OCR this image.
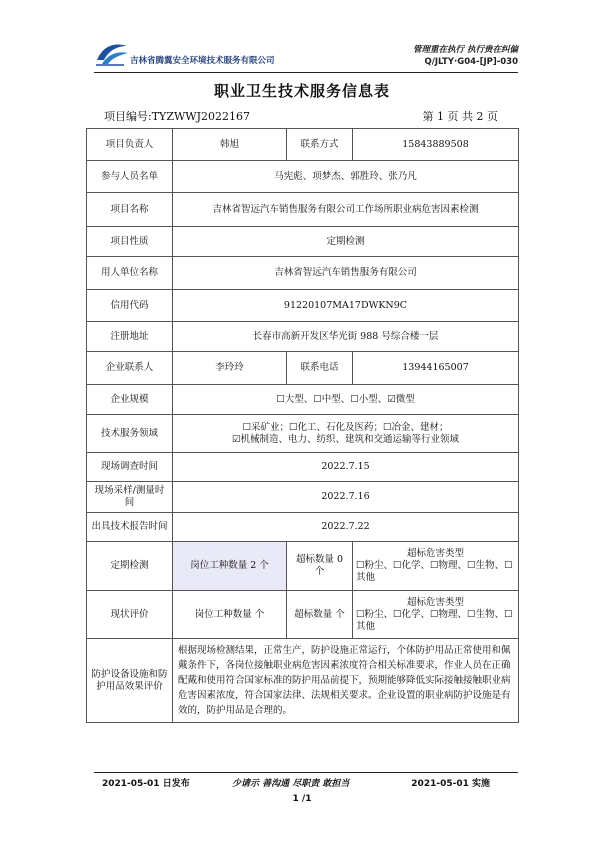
吉林省腾翼安全环境技术服务有限公司
管理重在执行 执行贵在纠偏
Q/JLTY·G04-[JP]-030
职业卫生技术服务信息表
项目编号:TYZWWJ2022167	第 1 页 共 2 页
项目负责人	韩旭	联系方式	15843889508
参与人员名单	马宪彪、项梦杰、郭胜玲、张乃凡		
项目名称	吉林省智远汽车销售服务有限公司工作场所职业病危害因素检测		
项目性质	定期检测		
用人单位名称	吉林省智远汽车销售服务有限公司		
信用代码	91220107MA17DWKN9C		
注册地址	长春市高新开发区华光街 988 号综合楼一层		
企业联系人	李玲玲	联系电话	13944165007
企业规模	☐大型、☐中型、☐小型、☑微型		
技术服务领域	☐采矿业；☐化工、石化及医药；☐冶金、建材；
☑机械制造、电力、纺织、建筑和交通运输等行业领域		

现场调查时间	2022.7.15		
现场采样/测量时间	2022.7.16		
出具技术报告时间	2022.7.22		
定期检测	岗位工种数量 2 个	超标数量 0 个	超标危害类型
☐粉尘、☐化学、☐物理、☐生物、☐其他

现状评价	岗位工种数量 个	超标数量 个	超标危害类型
☐粉尘、☐化学、☐物理、☐生物、☐其他

防护设备设施和防护用品效果评价	根据现场检测结果，正常生产，防护设施正常运行，个体防护用品正常使用和佩戴条件下，各岗位接触职业病危害因素浓度符合相关标准要求，作业人员在正确配戴和使用符合国家标准的防护用品前提下，预期能够降低实际接触接触职业病危害因素浓度，符合国家法律、法规相关要求。企业设置的职业病防护设施是有效的，防护用品是合理的。		
2021-05-01 日发布	少请示 善沟通 尽职责 敢担当	2021-05-01 实施
1 /1
